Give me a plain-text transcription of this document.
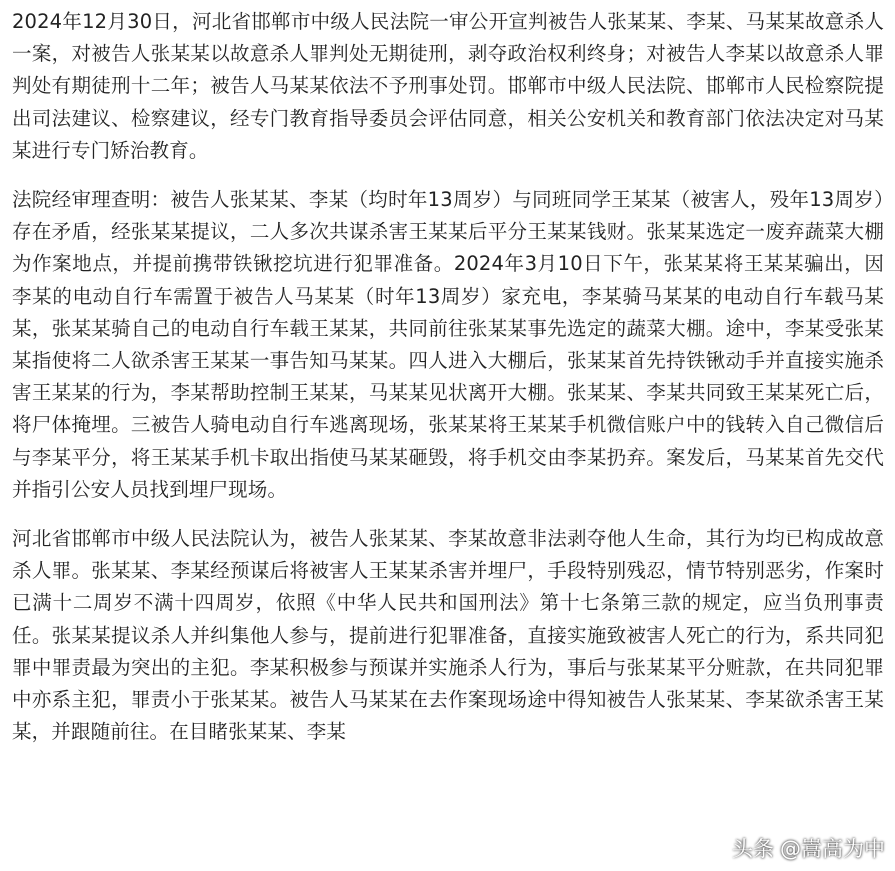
2024年12月30日，河北省邯郸市中级人民法院一审公开宣判被告人张某某、李某、马某某故意杀人一案，对被告人张某某以故意杀人罪判处无期徒刑，剥夺政治权利终身；对被告人李某以故意杀人罪判处有期徒刑十二年；被告人马某某依法不予刑事处罚。邯郸市中级人民法院、邯郸市人民检察院提出司法建议、检察建议，经专门教育指导委员会评估同意，相关公安机关和教育部门依法决定对马某某进行专门矫治教育。

法院经审理查明：被告人张某某、李某（均时年13周岁）与同班同学王某某（被害人，殁年13周岁）存在矛盾，经张某某提议，二人多次共谋杀害王某某后平分王某某钱财。张某某选定一废弃蔬菜大棚为作案地点，并提前携带铁锹挖坑进行犯罪准备。2024年3月10日下午，张某某将王某某骗出，因李某的电动自行车需置于被告人马某某（时年13周岁）家充电，李某骑马某某的电动自行车载马某某，张某某骑自己的电动自行车载王某某，共同前往张某某事先选定的蔬菜大棚。途中，李某受张某某指使将二人欲杀害王某某一事告知马某某。四人进入大棚后，张某某首先持铁锹动手并直接实施杀害王某某的行为，李某帮助控制王某某，马某某见状离开大棚。张某某、李某共同致王某某死亡后，将尸体掩埋。三被告人骑电动自行车逃离现场，张某某将王某某手机微信账户中的钱转入自己微信后与李某平分，将王某某手机卡取出指使马某某砸毁，将手机交由李某扔弃。案发后，马某某首先交代并指引公安人员找到埋尸现场。

河北省邯郸市中级人民法院认为，被告人张某某、李某故意非法剥夺他人生命，其行为均已构成故意杀人罪。张某某、李某经预谋后将被害人王某某杀害并埋尸，手段特别残忍，情节特别恶劣，作案时已满十二周岁不满十四周岁，依照《中华人民共和国刑法》第十七条第三款的规定，应当负刑事责任。张某某提议杀人并纠集他人参与，提前进行犯罪准备，直接实施致被害人死亡的行为，系共同犯罪中罪责最为突出的主犯。李某积极参与预谋并实施杀人行为，事后与张某某平分赃款，在共同犯罪中亦系主犯，罪责小于张某某。被告人马某某在去作案现场途中得知被告人张某某、李某欲杀害王某某，并跟随前往。在目睹张某某、李某

头条 @嵩高为中
